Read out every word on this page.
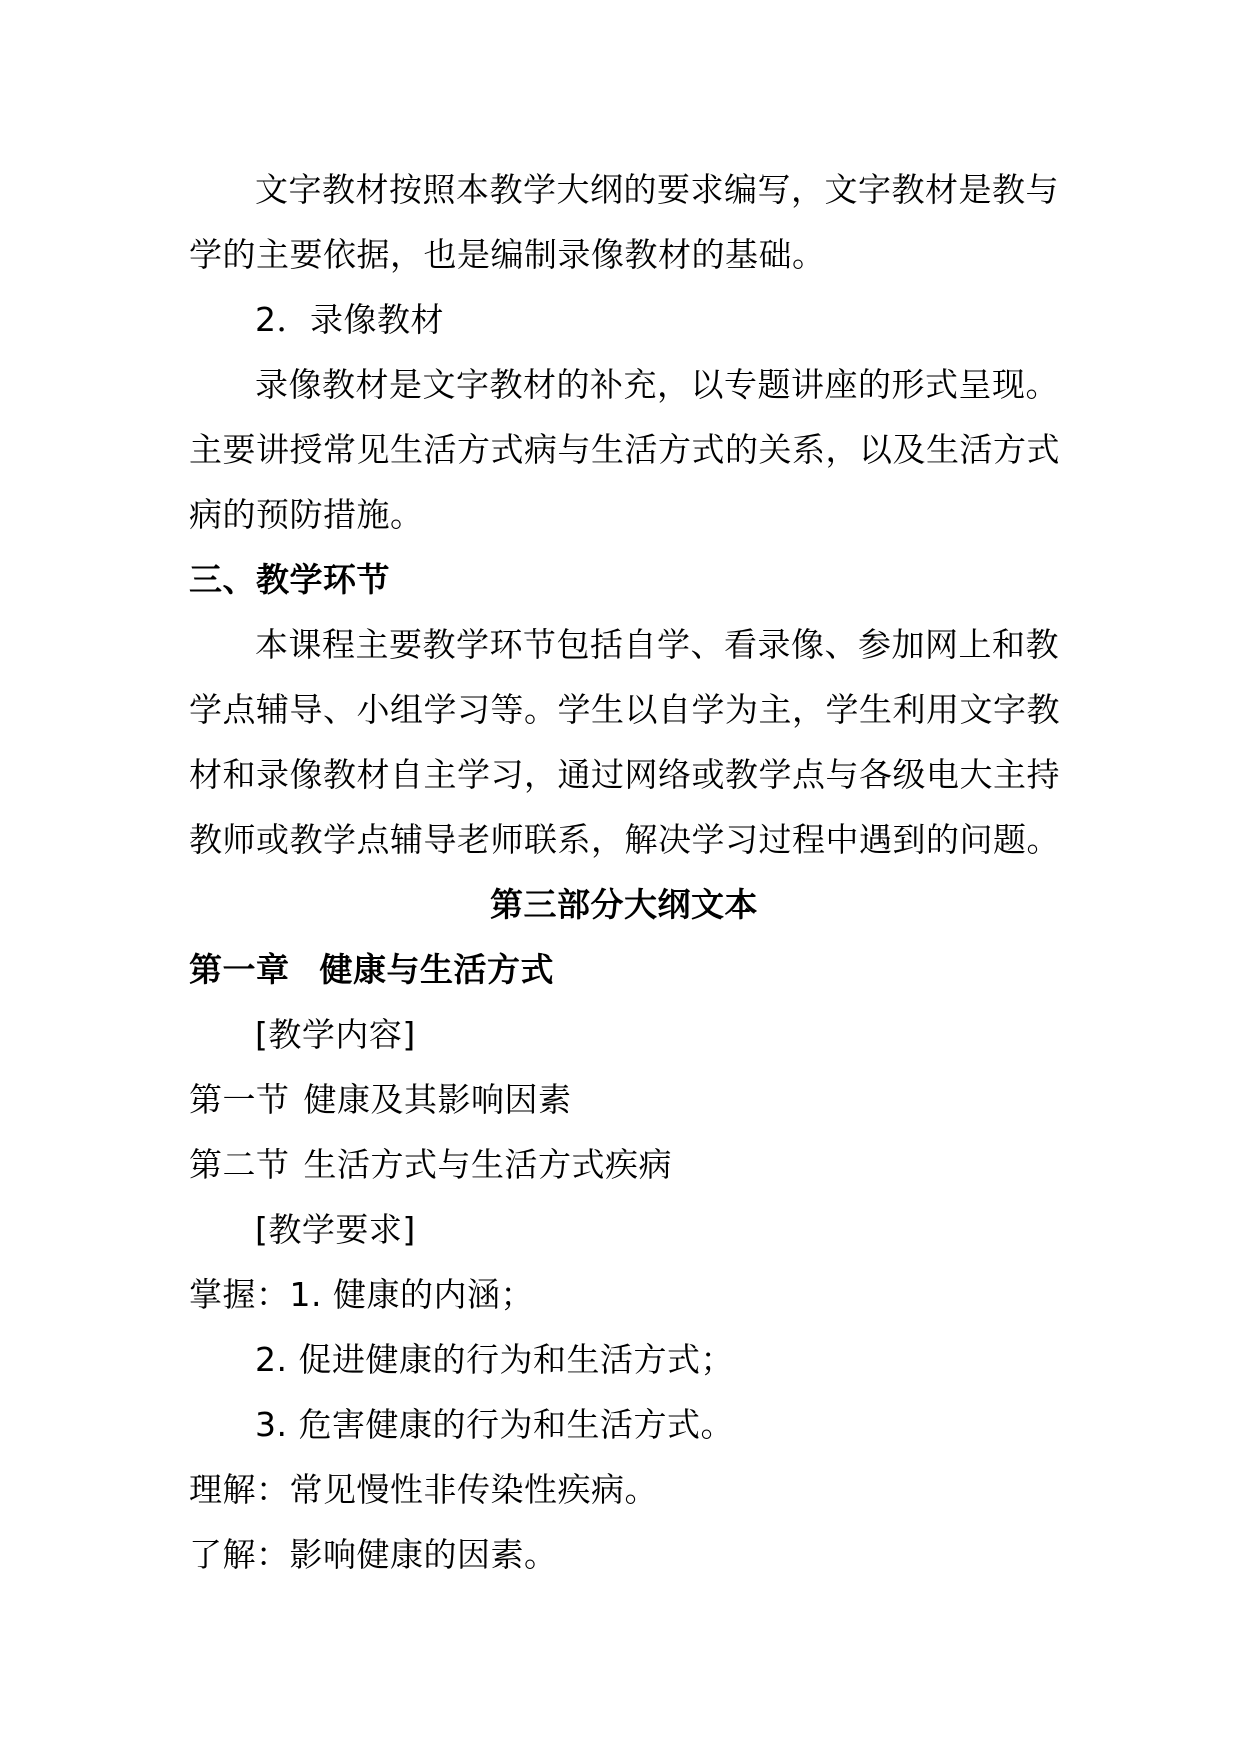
文字教材按照本教学大纲的要求编写，文字教材是教与

学的主要依据，也是编制录像教材的基础。

2．录像教材

录像教材是文字教材的补充，以专题讲座的形式呈现。

主要讲授常见生活方式病与生活方式的关系，以及生活方式

病的预防措施。

三、教学环节

本课程主要教学环节包括自学、看录像、参加网上和教

学点辅导、小组学习等。学生以自学为主，学生利用文字教

材和录像教材自主学习，通过网络或教学点与各级电大主持

教师或教学点辅导老师联系，解决学习过程中遇到的问题。

第三部分大纲文本

第一章 健康与生活方式

[教学内容]

第一节 健康及其影响因素

第二节 生活方式与生活方式疾病

[教学要求]

掌握：1. 健康的内涵；

2. 促进健康的行为和生活方式；

3. 危害健康的行为和生活方式。

理解：常见慢性非传染性疾病。

了解：影响健康的因素。
